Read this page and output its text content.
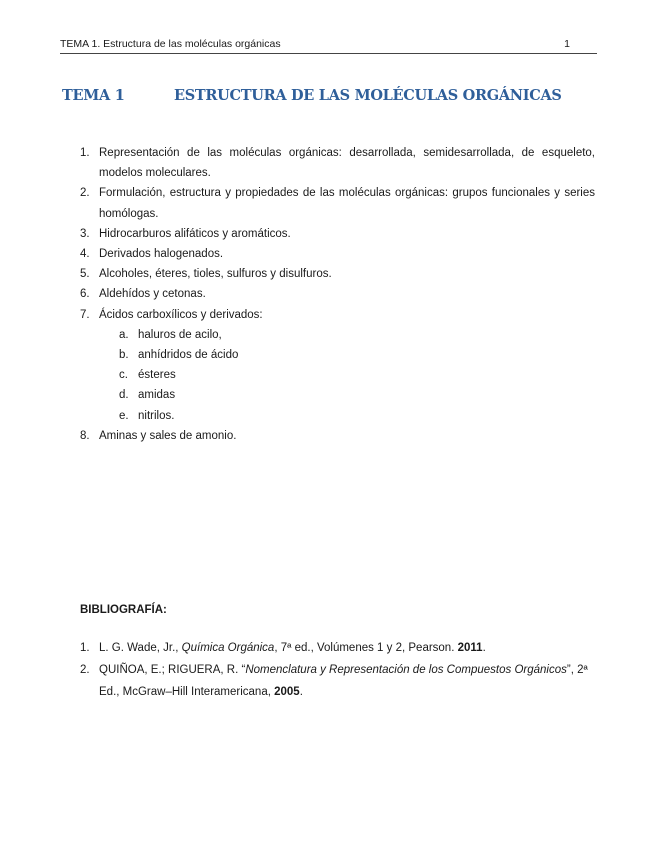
TEMA 1. Estructura de las moléculas orgánicas	1
TEMA 1	ESTRUCTURA DE LAS MOLÉCULAS ORGÁNICAS
1. Representación de las moléculas orgánicas: desarrollada, semidesarrollada, de esqueleto, modelos moleculares.
2. Formulación, estructura y propiedades de las moléculas orgánicas: grupos funcionales y series homólogas.
3. Hidrocarburos alifáticos y aromáticos.
4. Derivados halogenados.
5. Alcoholes, éteres, tioles, sulfuros y disulfuros.
6. Aldehídos y cetonas.
7. Ácidos carboxílicos y derivados:
a. haluros de acilo,
b. anhídridos de ácido
c. ésteres
d. amidas
e. nitrilos.
8. Aminas y sales de amonio.
BIBLIOGRAFÍA:
1. L. G. Wade, Jr., Química Orgánica, 7ª ed., Volúmenes 1 y 2, Pearson. 2011.
2. QUIÑOA, E.; RIGUERA, R. “Nomenclatura y Representación de los Compuestos Orgánicos”, 2ª Ed., McGraw–Hill Interamericana, 2005.
